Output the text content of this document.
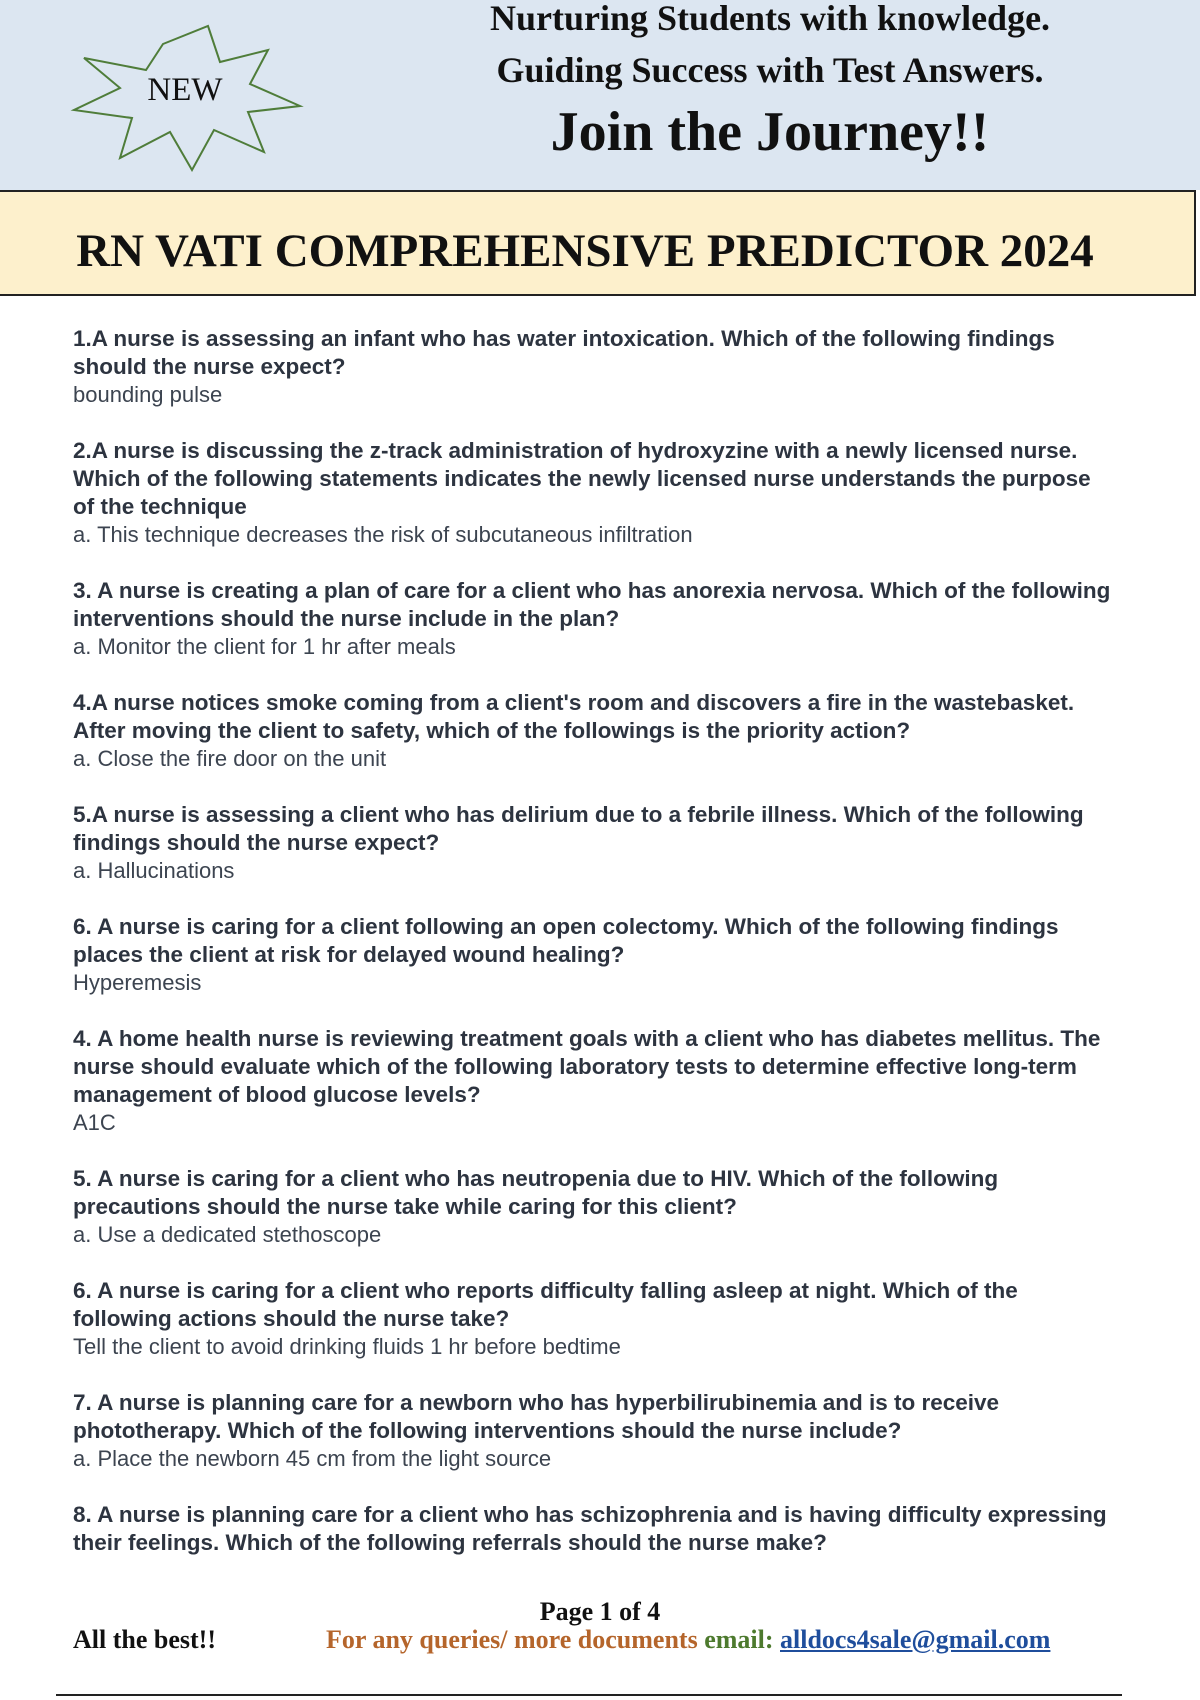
NEW
Nurturing Students with knowledge.
Guiding Success with Test Answers.
Join the Journey!!
RN VATI COMPREHENSIVE PREDICTOR 2024

1.A nurse is assessing an infant who has water intoxication. Which of the following findings should the nurse expect?

bounding pulse

2.A nurse is discussing the z-track administration of hydroxyzine with a newly licensed nurse. Which of the following statements indicates the newly licensed nurse understands the purpose of the technique

a. This technique decreases the risk of subcutaneous infiltration

3. A nurse is creating a plan of care for a client who has anorexia nervosa. Which of the following interventions should the nurse include in the plan?

a. Monitor the client for 1 hr after meals

4.A nurse notices smoke coming from a client's room and discovers a fire in the wastebasket. After moving the client to safety, which of the followings is the priority action?

a. Close the fire door on the unit

5.A nurse is assessing a client who has delirium due to a febrile illness. Which of the following findings should the nurse expect?

a. Hallucinations

6. A nurse is caring for a client following an open colectomy. Which of the following findings places the client at risk for delayed wound healing?

Hyperemesis

4. A home health nurse is reviewing treatment goals with a client who has diabetes mellitus. The nurse should evaluate which of the following laboratory tests to determine effective long-term management of blood glucose levels?

A1C

5. A nurse is caring for a client who has neutropenia due to HIV. Which of the following precautions should the nurse take while caring for this client?

a. Use a dedicated stethoscope

6. A nurse is caring for a client who reports difficulty falling asleep at night. Which of the following actions should the nurse take?

Tell the client to avoid drinking fluids 1 hr before bedtime

7. A nurse is planning care for a newborn who has hyperbilirubinemia and is to receive phototherapy. Which of the following interventions should the nurse include?

a. Place the newborn 45 cm from the light source

8. A nurse is planning care for a client who has schizophrenia and is having difficulty expressing their feelings. Which of the following referrals should the nurse make?

Page 1 of 4
All the best!!	For any queries/ more documents email: alldocs4sale@gmail.com
